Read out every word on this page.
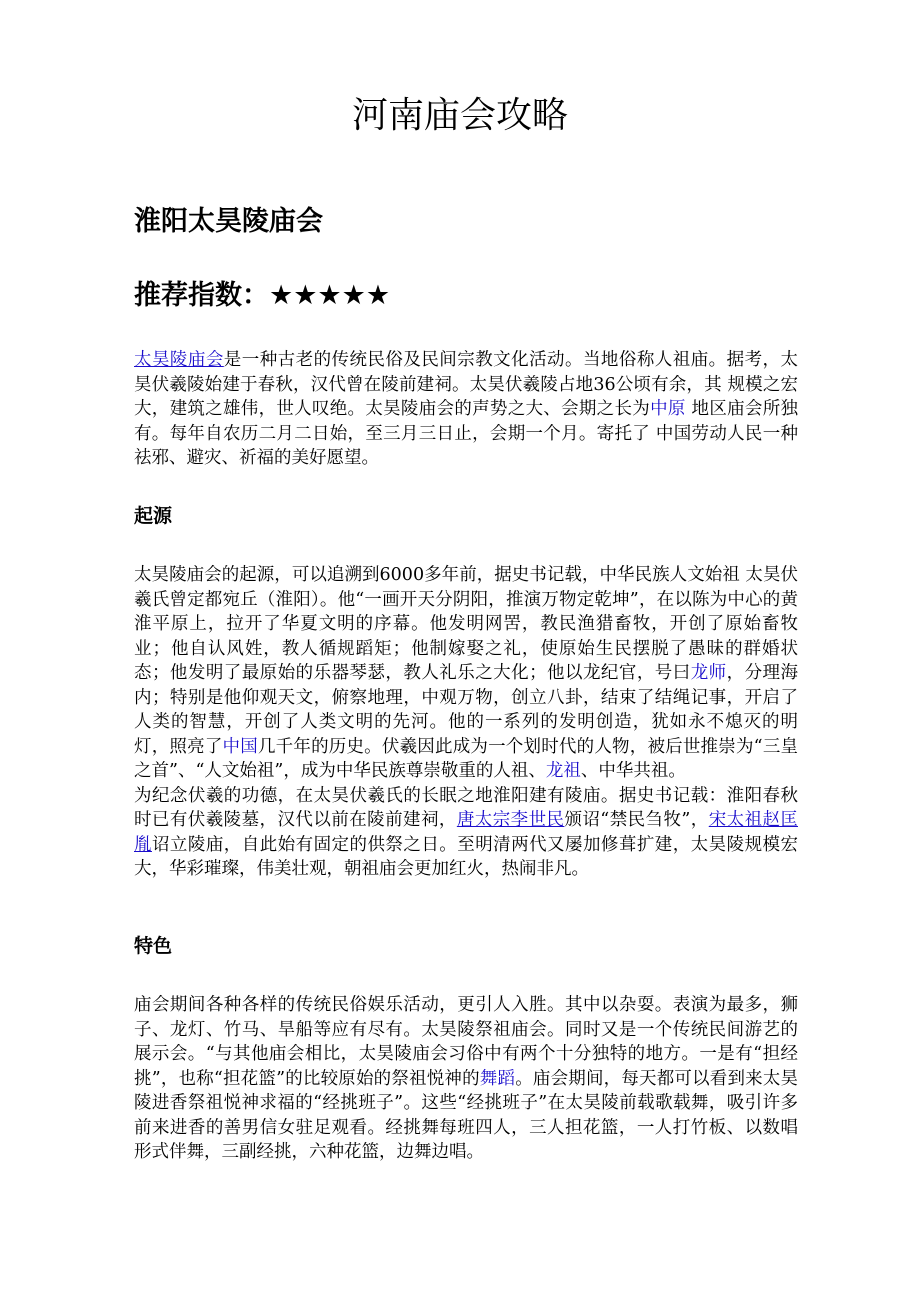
河南庙会攻略
淮阳太昊陵庙会
推荐指数：★★★★★

太昊陵庙会是一种古老的传统民俗及民间宗教文化活动。当地俗称人祖庙。据考，太昊伏羲陵始建于春秋，汉代曾在陵前建祠。太昊伏羲陵占地36公顷有余，其 规模之宏大，建筑之雄伟，世人叹绝。太昊陵庙会的声势之大、会期之长为中原 地区庙会所独有。每年自农历二月二日始，至三月三日止，会期一个月。寄托了 中国劳动人民一种祛邪、避灾、祈福的美好愿望。

起源

太昊陵庙会的起源，可以追溯到6000多年前，据史书记载，中华民族人文始祖 太昊伏羲氏曾定都宛丘（淮阳）。他“一画开天分阴阳，推演万物定乾坤”，在以陈为中心的黄淮平原上，拉开了华夏文明的序幕。他发明网罟，教民渔猎畜牧，开创了原始畜牧业；他自认风姓，教人循规蹈矩；他制嫁娶之礼，使原始生民摆脱了愚昧的群婚状态；他发明了最原始的乐器琴瑟，教人礼乐之大化；他以龙纪官，号曰龙师，分理海内；特别是他仰观天文，俯察地理，中观万物，创立八卦，结束了结绳记事，开启了人类的智慧，开创了人类文明的先河。他的一系列的发明创造，犹如永不熄灭的明灯，照亮了中国几千年的历史。伏羲因此成为一个划时代的人物，被后世推崇为“三皇之首”、“人文始祖”，成为中华民族尊崇敬重的人祖、龙祖、中华共祖。
为纪念伏羲的功德，在太昊伏羲氏的长眠之地淮阳建有陵庙。据史书记载：淮阳春秋时已有伏羲陵墓，汉代以前在陵前建祠，唐太宗李世民颁诏“禁民刍牧”，宋太祖赵匡胤诏立陵庙，自此始有固定的供祭之日。至明清两代又屡加修葺扩建，太昊陵规模宏大，华彩璀璨，伟美壮观，朝祖庙会更加红火，热闹非凡。

特色

庙会期间各种各样的传统民俗娱乐活动，更引人入胜。其中以杂耍。表演为最多，狮子、龙灯、竹马、旱船等应有尽有。太昊陵祭祖庙会。同时又是一个传统民间游艺的展示会。“与其他庙会相比，太昊陵庙会习俗中有两个十分独特的地方。一是有“担经挑”，也称“担花篮”的比较原始的祭祖悦神的舞蹈。庙会期间，每天都可以看到来太昊陵进香祭祖悦神求福的“经挑班子”。这些“经挑班子”在太昊陵前载歌载舞，吸引许多前来进香的善男信女驻足观看。经挑舞每班四人，三人担花篮，一人打竹板、以数唱形式伴舞，三副经挑，六种花篮，边舞边唱。
